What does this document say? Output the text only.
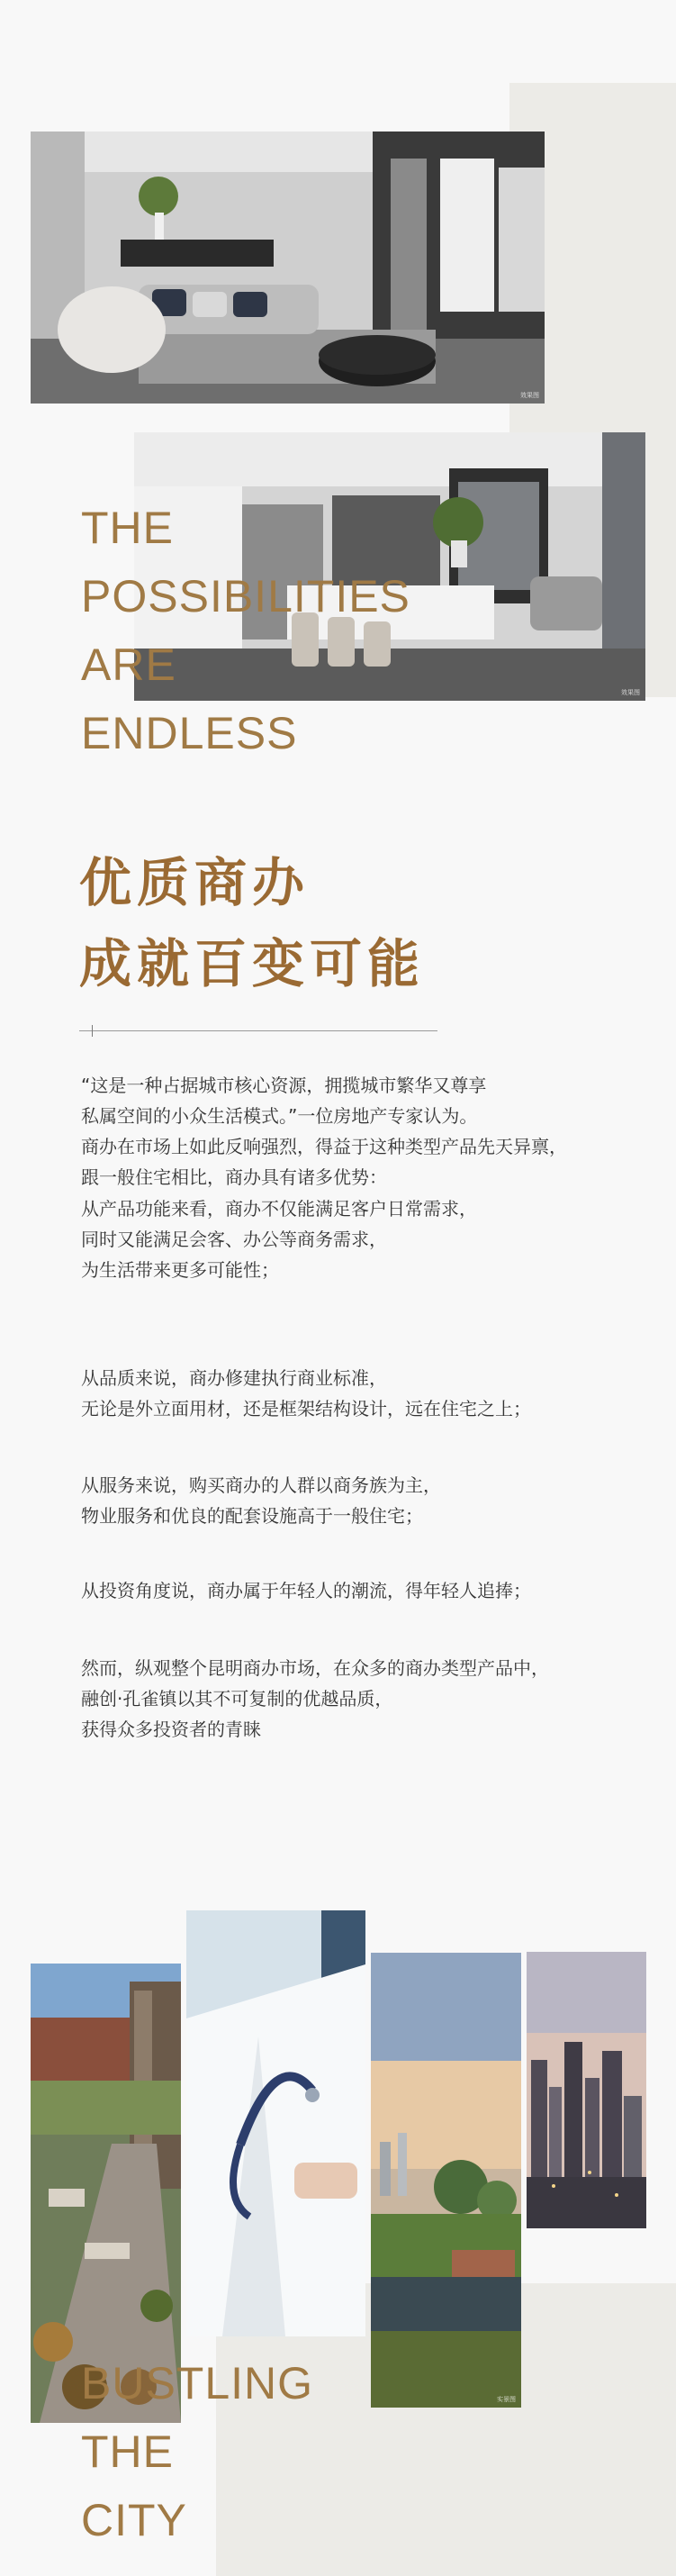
效果图
效果图
THE
POSSIBILITIES
ARE
ENDLESS
优质商办
成就百变可能

“这是一种占据城市核心资源，拥揽城市繁华又尊享

私属空间的小众生活模式。”一位房地产专家认为。

商办在市场上如此反响强烈，得益于这种类型产品先天异禀，

跟一般住宅相比，商办具有诸多优势：

从产品功能来看，商办不仅能满足客户日常需求，

同时又能满足会客、办公等商务需求，

为生活带来更多可能性；

从品质来说，商办修建执行商业标准，

无论是外立面用材，还是框架结构设计，远在住宅之上；

从服务来说，购买商办的人群以商务族为主，

物业服务和优良的配套设施高于一般住宅；

从投资角度说，商办属于年轻人的潮流，得年轻人追捧；

然而，纵观整个昆明商办市场，在众多的商办类型产品中，

融创·孔雀镇以其不可复制的优越品质，

获得众多投资者的青睐

实景图
BUSTLING
THE
CITY
